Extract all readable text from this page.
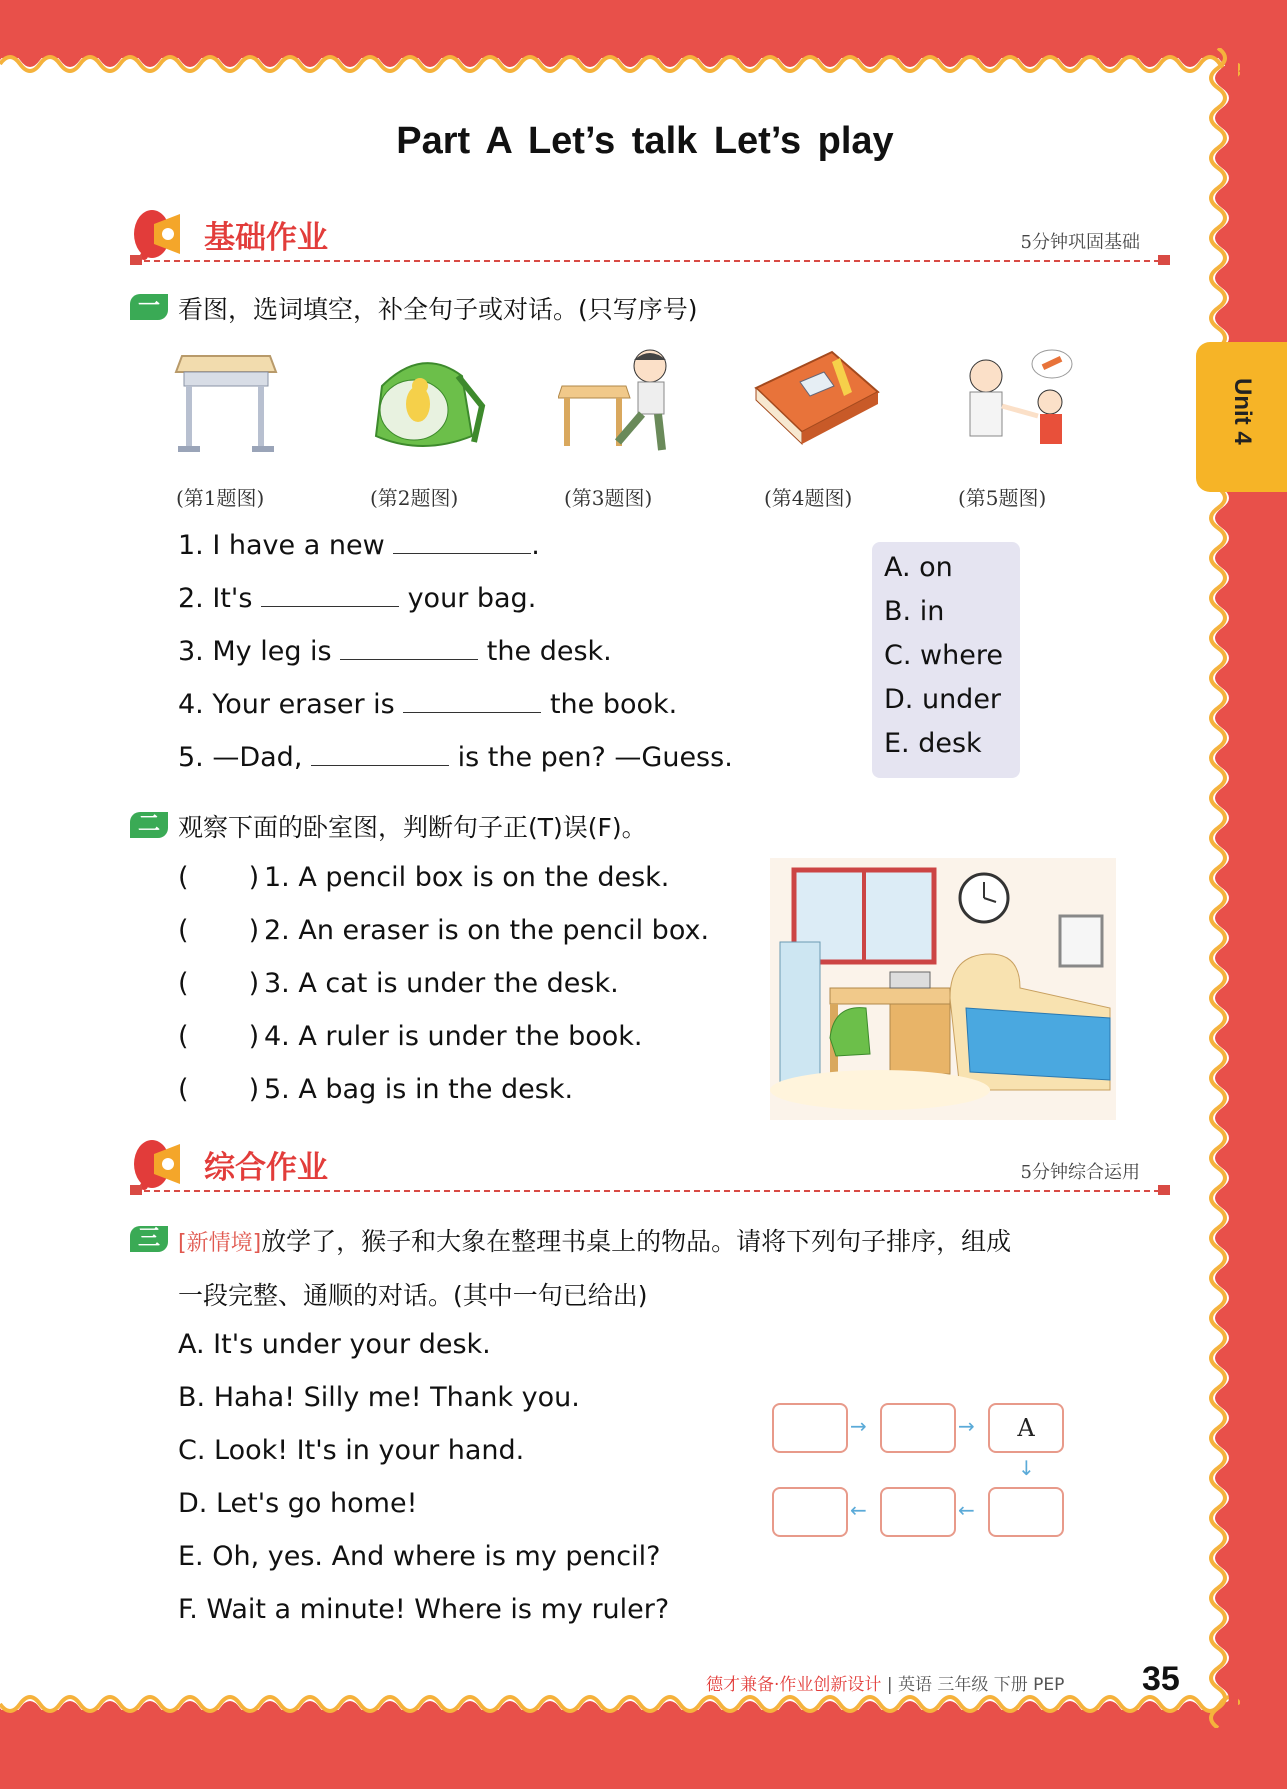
Unit 4
Part A Let’s talk Let’s play
基础作业	5分钟巩固基础
一 看图，选词填空，补全句子或对话。(只写序号)
(第1题图)	(第2题图)	(第3题图)	(第4题图)	(第5题图)
1. I have a new	.
2. It's	your bag.
3. My leg is	the desk.
4. Your eraser is	the book.
5. —Dad,	is the pen? —Guess.
A. on
B. in
C. where
D. under
E. desk
二 观察下面的卧室图，判断句子正(T)误(F)。
(       ) 1. A pencil box is on the desk.
(       ) 2. An eraser is on the pencil box.
(       ) 3. A cat is under the desk.
(       ) 4. A ruler is under the book.
(       ) 5. A bag is in the desk.
综合作业	5分钟综合运用
三 [新情境]放学了，猴子和大象在整理书桌上的物品。请将下列句子排序，组成
一段完整、通顺的对话。(其中一句已给出)
A. It's under your desk.
B. Haha! Silly me! Thank you.
C. Look! It's in your hand.
D. Let's go home!
E. Oh, yes. And where is my pencil?
F. Wait a minute! Where is my ruler?
→	→	A
↓
←
←
德才兼备·作业创新设计 | 英语 三年级 下册 PEP 35
